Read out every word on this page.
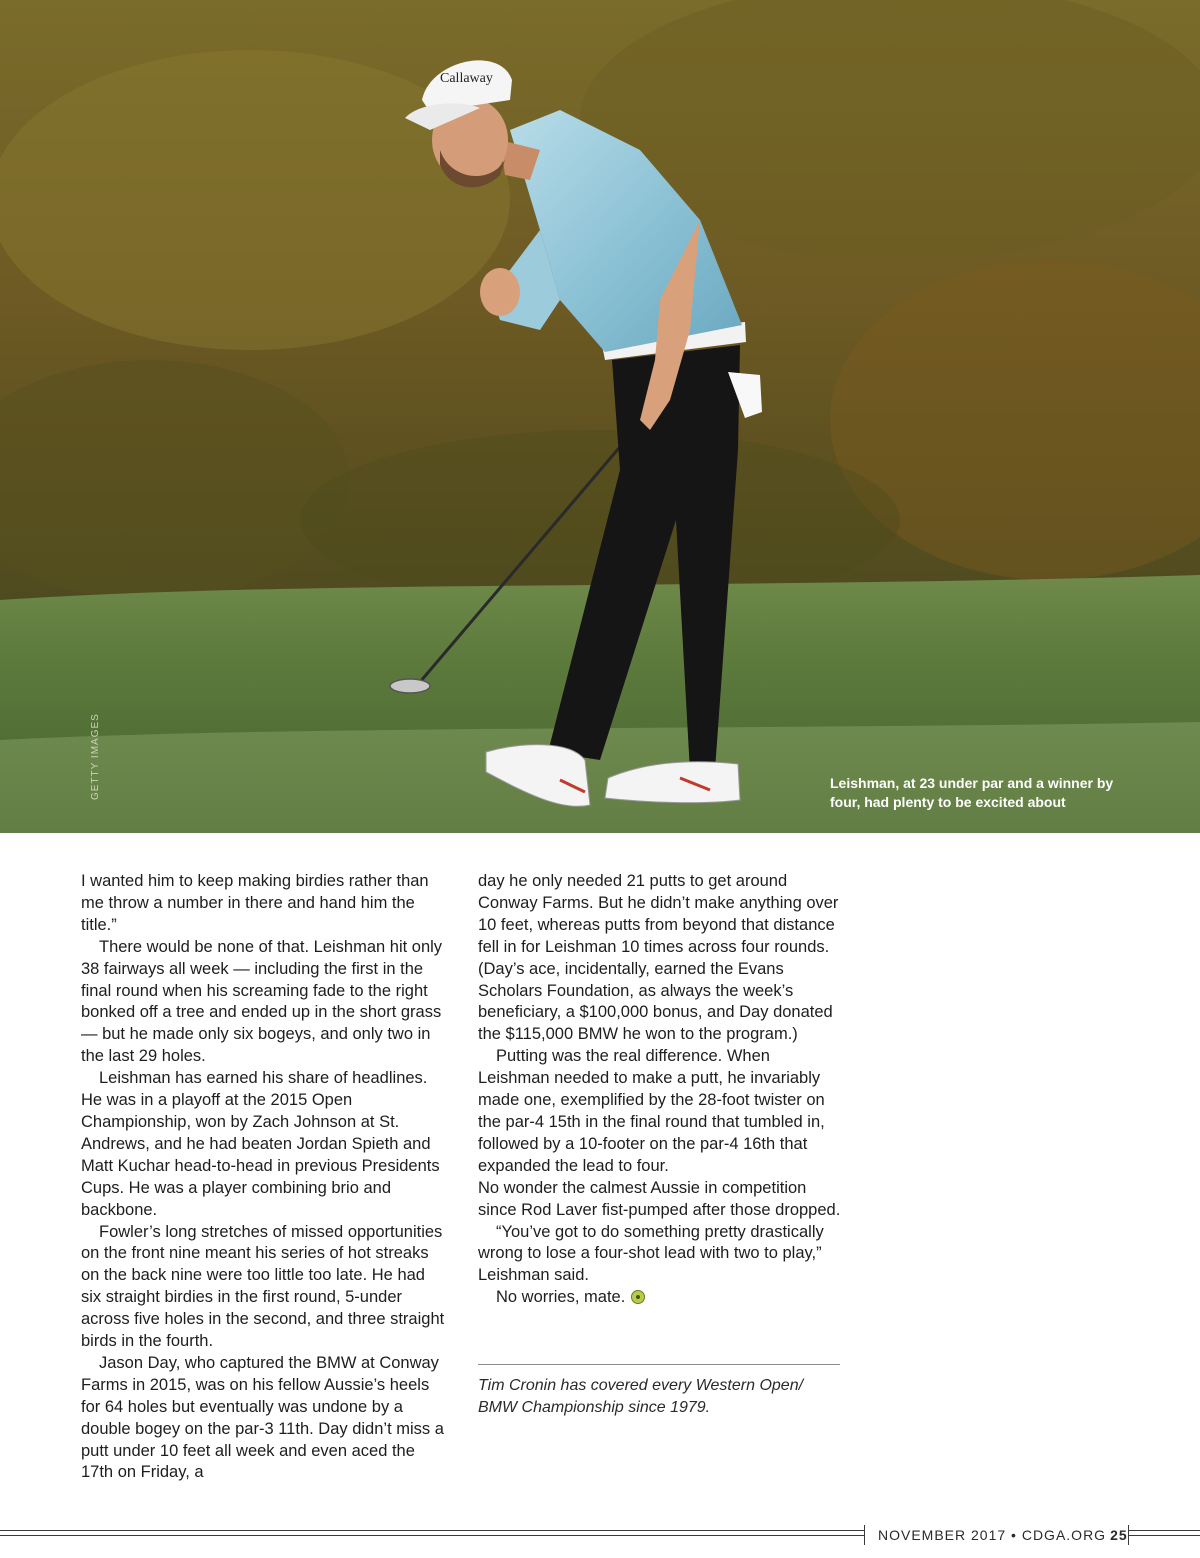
Callaway
GETTY IMAGES	Leishman, at 23 under par and a winner by four, had plenty to be excited about

I wanted him to keep making birdies rather than me throw a number in there and hand him the title.”

There would be none of that. Leishman hit only 38 fairways all week — including the first in the final round when his screaming fade to the right bonked off a tree and ended up in the short grass — but he made only six bogeys, and only two in the last 29 holes.

Leishman has earned his share of headlines. He was in a playoff at the 2015 Open Championship, won by Zach Johnson at St. Andrews, and he had beaten Jordan Spieth and Matt Kuchar head-to-head in previous Presidents Cups. He was a player combining brio and backbone.

Fowler’s long stretches of missed opportunities on the front nine meant his series of hot streaks on the back nine were too little too late. He had six straight birdies in the first round, 5-under across five holes in the second, and three straight birds in the fourth.

Jason Day, who captured the BMW at Conway Farms in 2015, was on his fellow Aussie’s heels for 64 holes but eventually was undone by a double bogey on the par-3 11th. Day didn’t miss a putt under 10 feet all week and even aced the 17th on Friday, a

day he only needed 21 putts to get around Conway Farms. But he didn’t make anything over 10 feet, whereas putts from beyond that distance fell in for Leishman 10 times across four rounds. (Day’s ace, incidentally, earned the Evans Scholars Foundation, as always the week’s beneficiary, a $100,000 bonus, and Day donated the $115,000 BMW he won to the program.)

Putting was the real difference. When Leishman needed to make a putt, he invariably made one, exemplified by the 28-foot twister on the par-4 15th in the final round that tumbled in, followed by a 10-footer on the par-4 16th that expanded the lead to four.

No wonder the calmest Aussie in competition since Rod Laver fist-pumped after those dropped.

“You’ve got to do something pretty drastically wrong to lose a four-shot lead with two to play,” Leishman said.

No worries, mate.

Tim Cronin has covered every Western Open/ BMW Championship since 1979.
NOVEMBER 2017 • CDGA.ORG 25
